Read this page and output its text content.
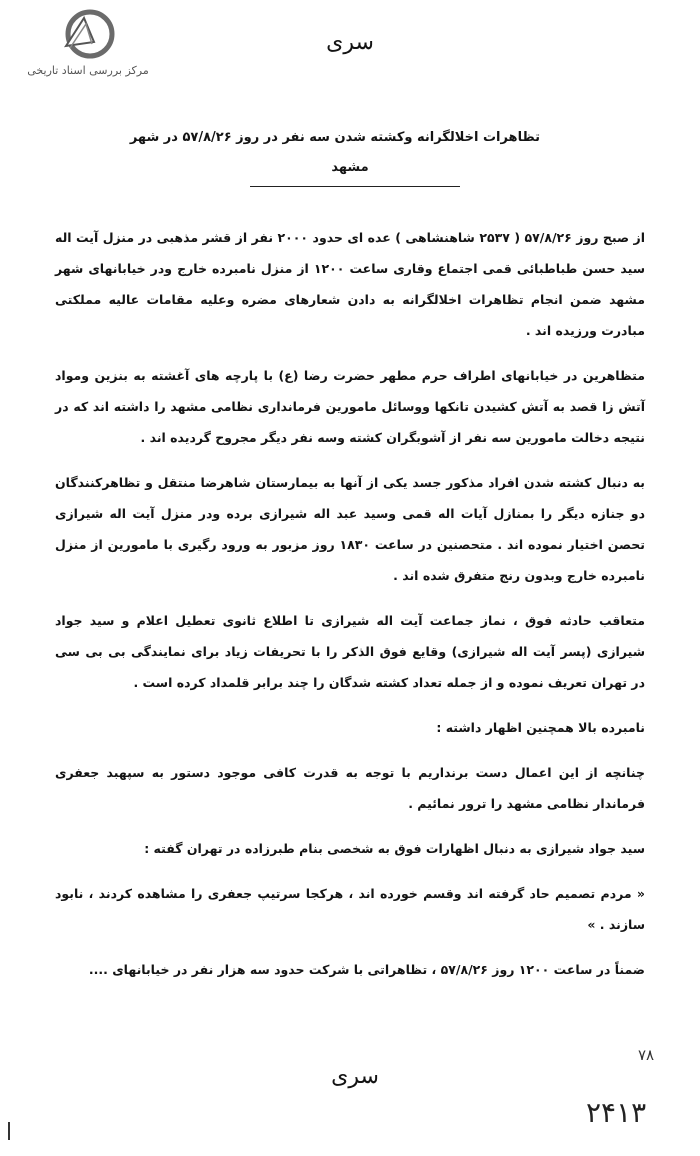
مرکز بررسی اسناد تاریخی
سری
تظاهرات اخلالگرانه وکشته شدن سه نفر در روز ۵۷/۸/۲۶ در شهر
مشهد

از صبح روز ۵۷/۸/۲۶ ( ۲۵۳۷ شاهنشاهی ) عده ای حدود ۲۰۰۰ نفر از قشر مذهبی در منزل آیت اله سید حسن طباطبائی قمی اجتماع وقاری ساعت ۱۲۰۰ از منزل نامبرده خارج ودر خیابانهای شهر مشهد ضمن انجام تظاهرات اخلالگرانه به دادن شعارهای مضره وعلیه مقامات عالیه مملکتی مبادرت ورزیده اند .

متظاهرین در خیابانهای اطراف حرم مطهر حضرت رضا (ع) با پارچه های آغشته به بنزین ومواد آتش زا قصد به آتش کشیدن تانکها ووسائل مامورین فرمانداری نظامی مشهد را داشته اند که در نتیجه دخالت مامورین سه نفر از آشوبگران کشته وسه نفر دیگر مجروح گردیده اند .

به دنبال کشته شدن افراد مذکور جسد یکی از آنها به بیمارستان شاهرضا منتقل و تظاهرکنندگان دو جنازه دیگر را بمنازل آیات اله قمی وسید عبد اله شیرازی برده ودر منزل آیت اله شیرازی تحصن اختیار نموده اند . متحصنین در ساعت ۱۸۳۰ روز مزبور به ورود رگیری با مامورین از منزل نامبرده خارج وبدون رنج متفرق شده اند .

متعاقب حادثه فوق ، نماز جماعت آیت اله شیرازی تا اطلاع ثانوی تعطیل اعلام و سید جواد شیرازی (پسر آیت اله شیرازی) وقایع فوق الذکر را با تحریفات زیاد برای نمایندگی بی بی سی در تهران تعریف نموده و از جمله تعداد کشته شدگان را چند برابر قلمداد کرده است .

نامبرده بالا همچنین اظهار داشته :

چنانچه از این اعمال دست برنداریم با توجه به قدرت کافی موجود دستور به سپهبد جعفری فرماندار نظامی مشهد را ترور نمائیم .

سید جواد شیرازی به دنبال اظهارات فوق به شخصی بنام طبرزاده در تهران گفته :

« مردم تصمیم حاد گرفته اند وقسم خورده اند ، هرکجا سرتیپ جعفری را مشاهده کردند ، نابود سازند . »

ضمناً در ساعت ۱۲۰۰ روز ۵۷/۸/۲۶ ، تظاهراتی با شرکت حدود سه هزار نفر در خیابانهای ....

سری
۷۸
۲۴۱۳
